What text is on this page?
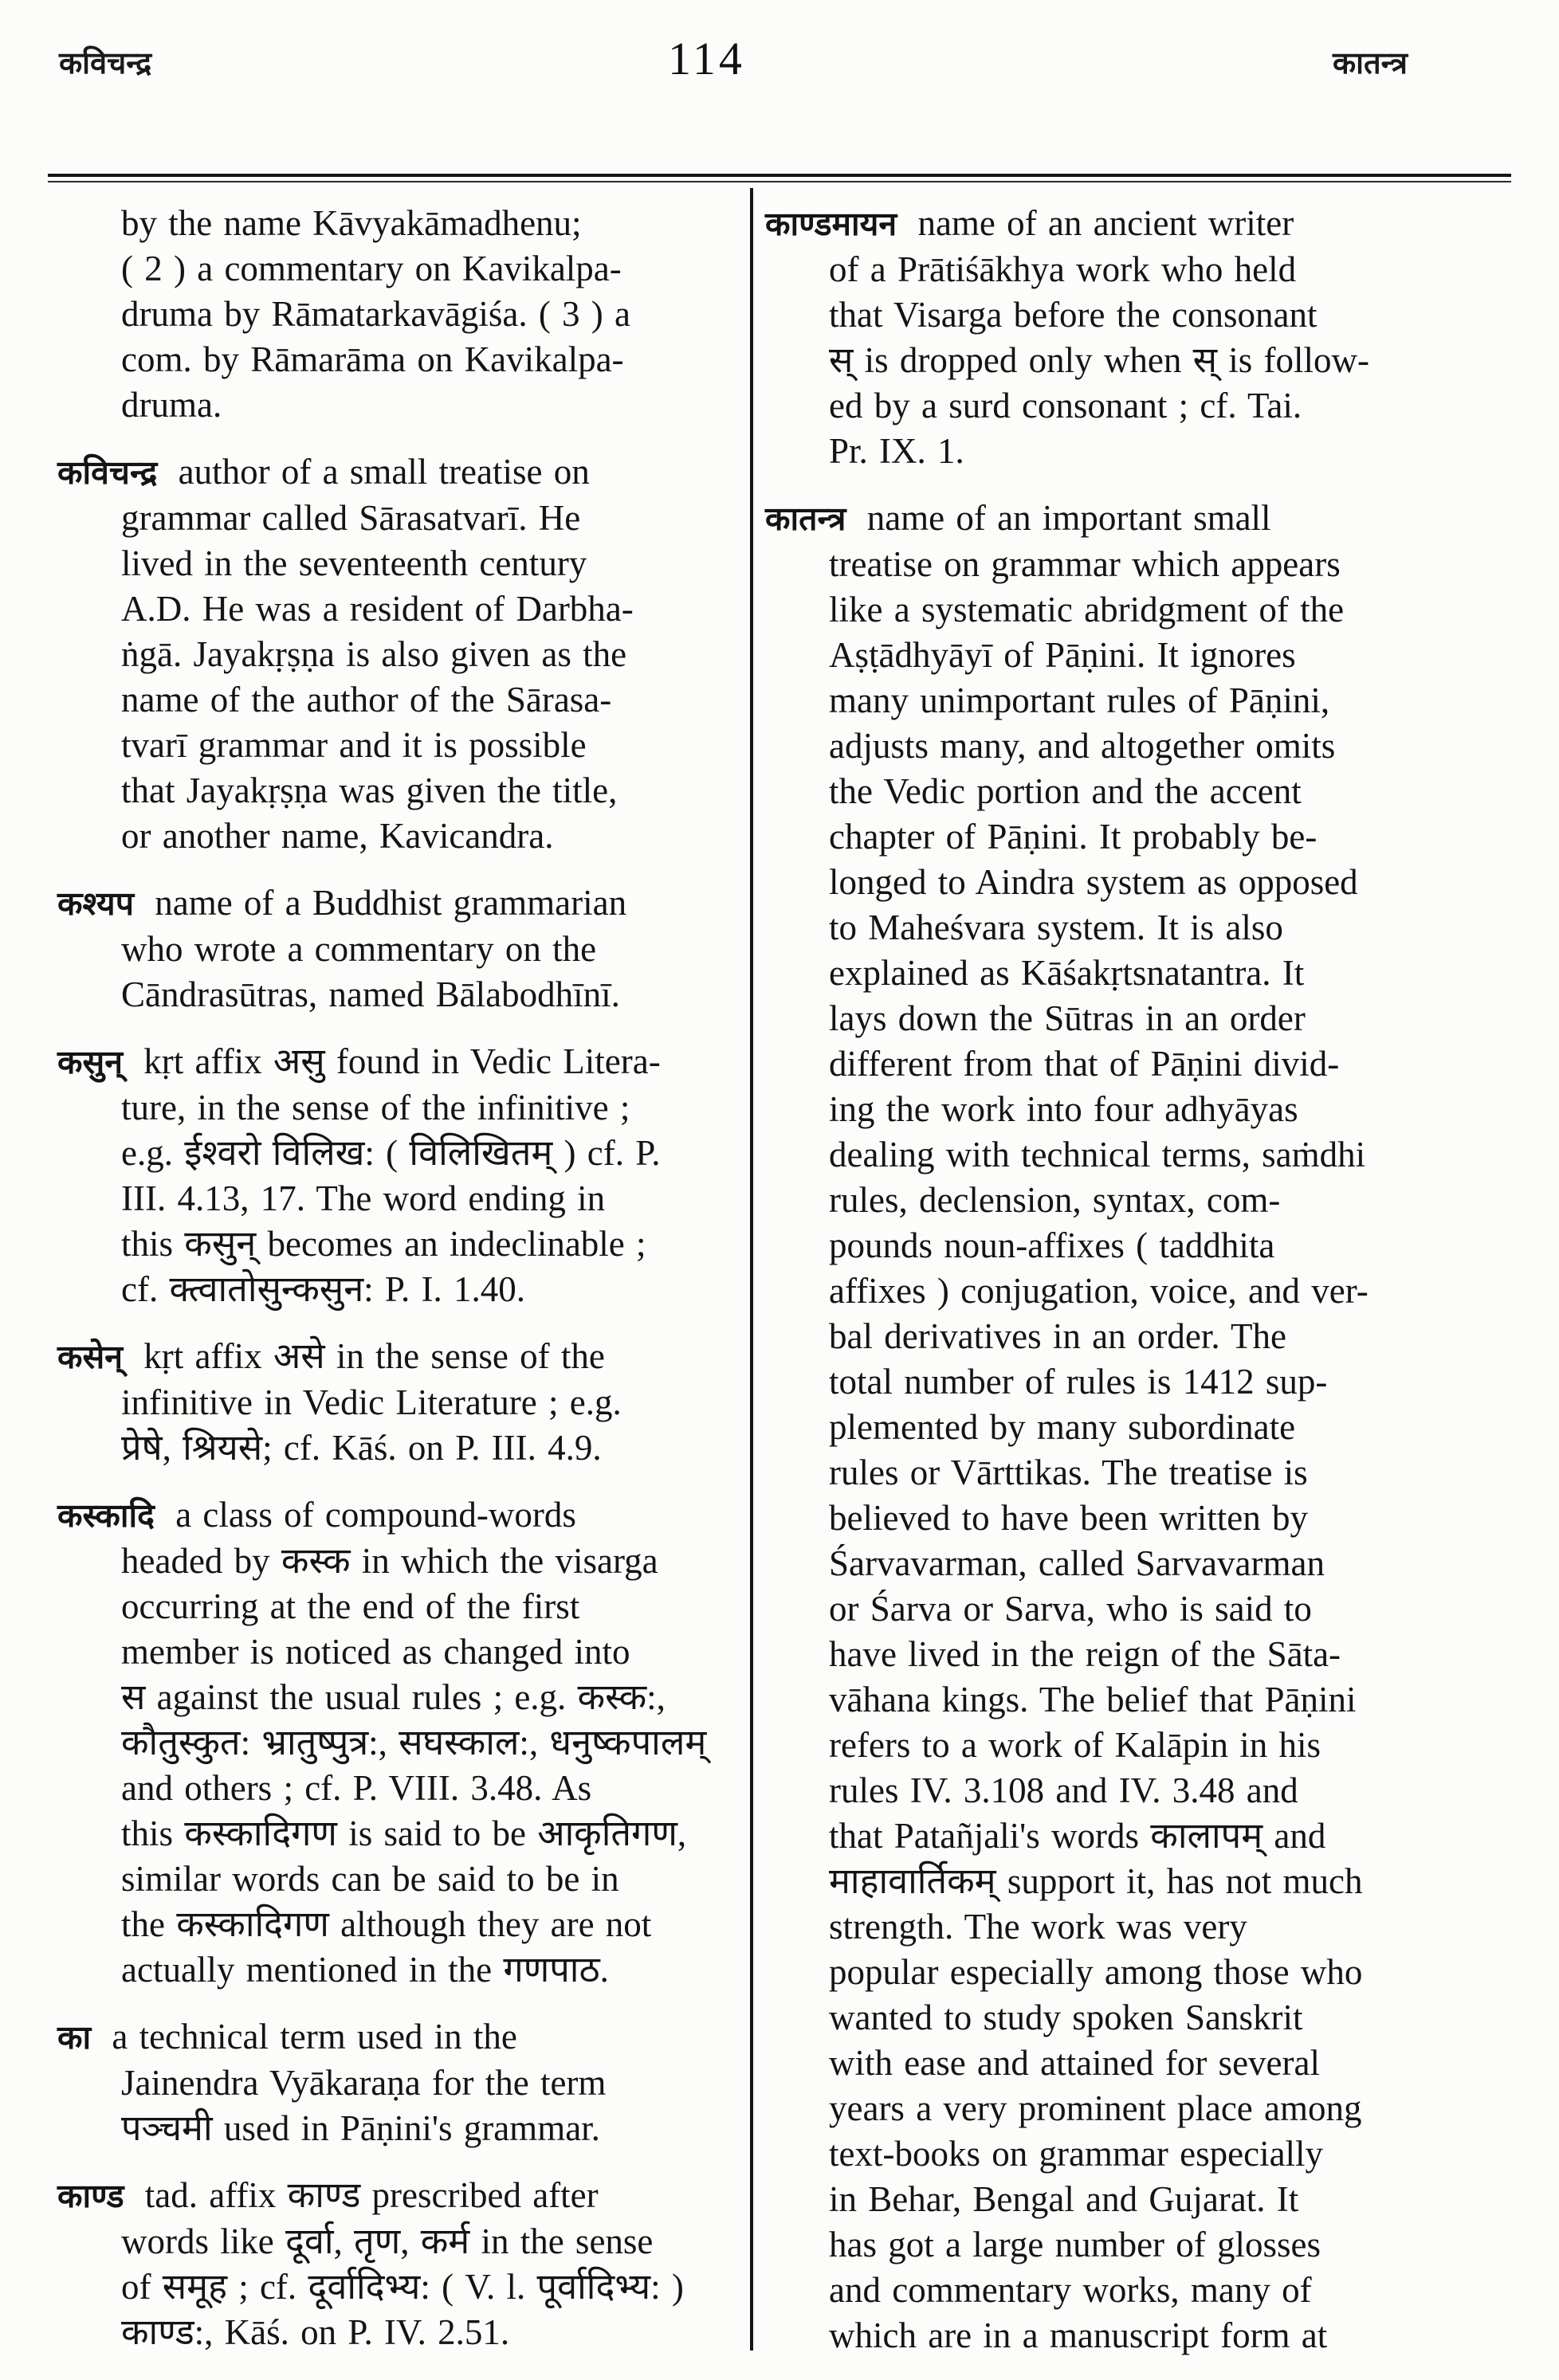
कविचन्द्र	114	कातन्त्र

by the name Kāvyakāmadhenu;
( 2 ) a commentary on Kavikalpa-
druma by Rāmatarkavāgiśa. ( 3 ) a
com. by Rāmarāma on Kavikalpa-
druma.

कविचन्द्र author of a small treatise on
grammar called Sārasatvarī. He
lived in the seventeenth century
A.D. He was a resident of Darbha-
ṅgā. Jayakṛṣṇa is also given as the
name of the author of the Sārasa-
tvarī grammar and it is possible
that Jayakṛṣṇa was given the title,
or another name, Kavicandra.

कश्यप name of a Buddhist grammarian
who wrote a commentary on the
Cāndrasūtras, named Bālabodhīnī.

कसुन् kṛt affix असु found in Vedic Litera-
ture, in the sense of the infinitive ;
e.g. ईश्वरो विलिख: ( विलिखितम् ) cf. P.
III. 4.13, 17. The word ending in
this कसुन् becomes an indeclinable ;
cf. क्त्वातोसुन्कसुन: P. I. 1.40.

कसेन् kṛt affix असे in the sense of the
infinitive in Vedic Literature ; e.g.
प्रेषे, श्रियसे; cf. Kāś. on P. III. 4.9.

कस्कादि a class of compound-words
headed by कस्क in which the visarga
occurring at the end of the first
member is noticed as changed into
स against the usual rules ; e.g. कस्क:,
कौतुस्कुत: भ्रातुष्पुत्र:, सघस्काल:, धनुष्कपालम्
and others ; cf. P. VIII. 3.48. As
this कस्कादिगण is said to be आकृतिगण,
similar words can be said to be in
the कस्कादिगण although they are not
actually mentioned in the गणपाठ.

का a technical term used in the
Jainendra Vyākaraṇa for the term
पञ्चमी used in Pāṇini's grammar.

काण्ड tad. affix काण्ड prescribed after
words like दूर्वा, तृण, कर्म in the sense
of समूह ; cf. दूर्वादिभ्य: ( V. l. पूर्वादिभ्य: )
काण्ड:, Kāś. on P. IV. 2.51.

काण्डमायन name of an ancient writer
of a Prātiśākhya work who held
that Visarga before the consonant
स् is dropped only when स् is follow-
ed by a surd consonant ; cf. Tai.
Pr. IX. 1.

कातन्त्र name of an important small
treatise on grammar which appears
like a systematic abridgment of the
Aṣṭādhyāyī of Pāṇini. It ignores
many unimportant rules of Pāṇini,
adjusts many, and altogether omits
the Vedic portion and the accent
chapter of Pāṇini. It probably be-
longed to Aindra system as opposed
to Maheśvara system. It is also
explained as Kāśakṛtsnatantra. It
lays down the Sūtras in an order
different from that of Pāṇini divid-
ing the work into four adhyāyas
dealing with technical terms, saṁdhi
rules, declension, syntax, com-
pounds noun-affixes ( taddhita
affixes ) conjugation, voice, and ver-
bal derivatives in an order. The
total number of rules is 1412 sup-
plemented by many subordinate
rules or Vārttikas. The treatise is
believed to have been written by
Śarvavarman, called Sarvavarman
or Śarva or Sarva, who is said to
have lived in the reign of the Sāta-
vāhana kings. The belief that Pāṇini
refers to a work of Kalāpin in his
rules IV. 3.108 and IV. 3.48 and
that Patañjali's words कालापम् and
माहावार्तिकम् support it, has not much
strength. The work was very
popular especially among those who
wanted to study spoken Sanskrit
with ease and attained for several
years a very prominent place among
text-books on grammar especially
in Behar, Bengal and Gujarat. It
has got a large number of glosses
and commentary works, many of
which are in a manuscript form at
